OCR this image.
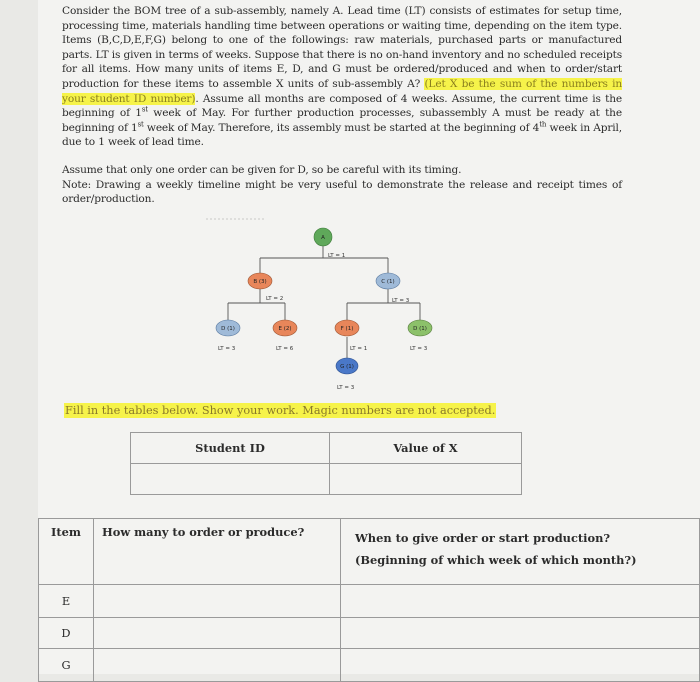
Consider the BOM tree of a sub-assembly, namely A. Lead time (LT) consists of estimates for setup time, processing time, materials handling time between operations or waiting time, depending on the item type. Items (B,C,D,E,F,G) belong to one of the followings: raw materials, purchased parts or manufactured parts. LT is given in terms of weeks. Suppose that there is no on-hand inventory and no scheduled receipts for all items. How many units of items E, D, and G must be ordered/produced and when to order/start production for these items to assemble X units of sub-assembly A? (Let X be the sum of the numbers in your student ID number). Assume all months are composed of 4 weeks. Assume, the current time is the beginning of 1st week of May. For further production processes, subassembly A must be ready at the beginning of 1st week of May. Therefore, its assembly must be started at the beginning of 4th week in April, due to 1 week of lead time.
Assume that only one order can be given for D, so be careful with its timing.
Note: Drawing a weekly timeline might be very useful to demonstrate the release and receipt times of order/production.
A
LT = 1
B (3)
LT = 2
C (1)
LT = 3
D (1)
LT = 3
E (2)
LT = 6
F (1)
LT = 1
D (1)
LT = 3
G (1)
LT = 3
Fill in the tables below. Show your work. Magic numbers are not accepted.
Student ID	Value of X

Item	How many to order or produce?	When to give order or start production?
(Beginning of which week of which month?)

E		
D		
G		
